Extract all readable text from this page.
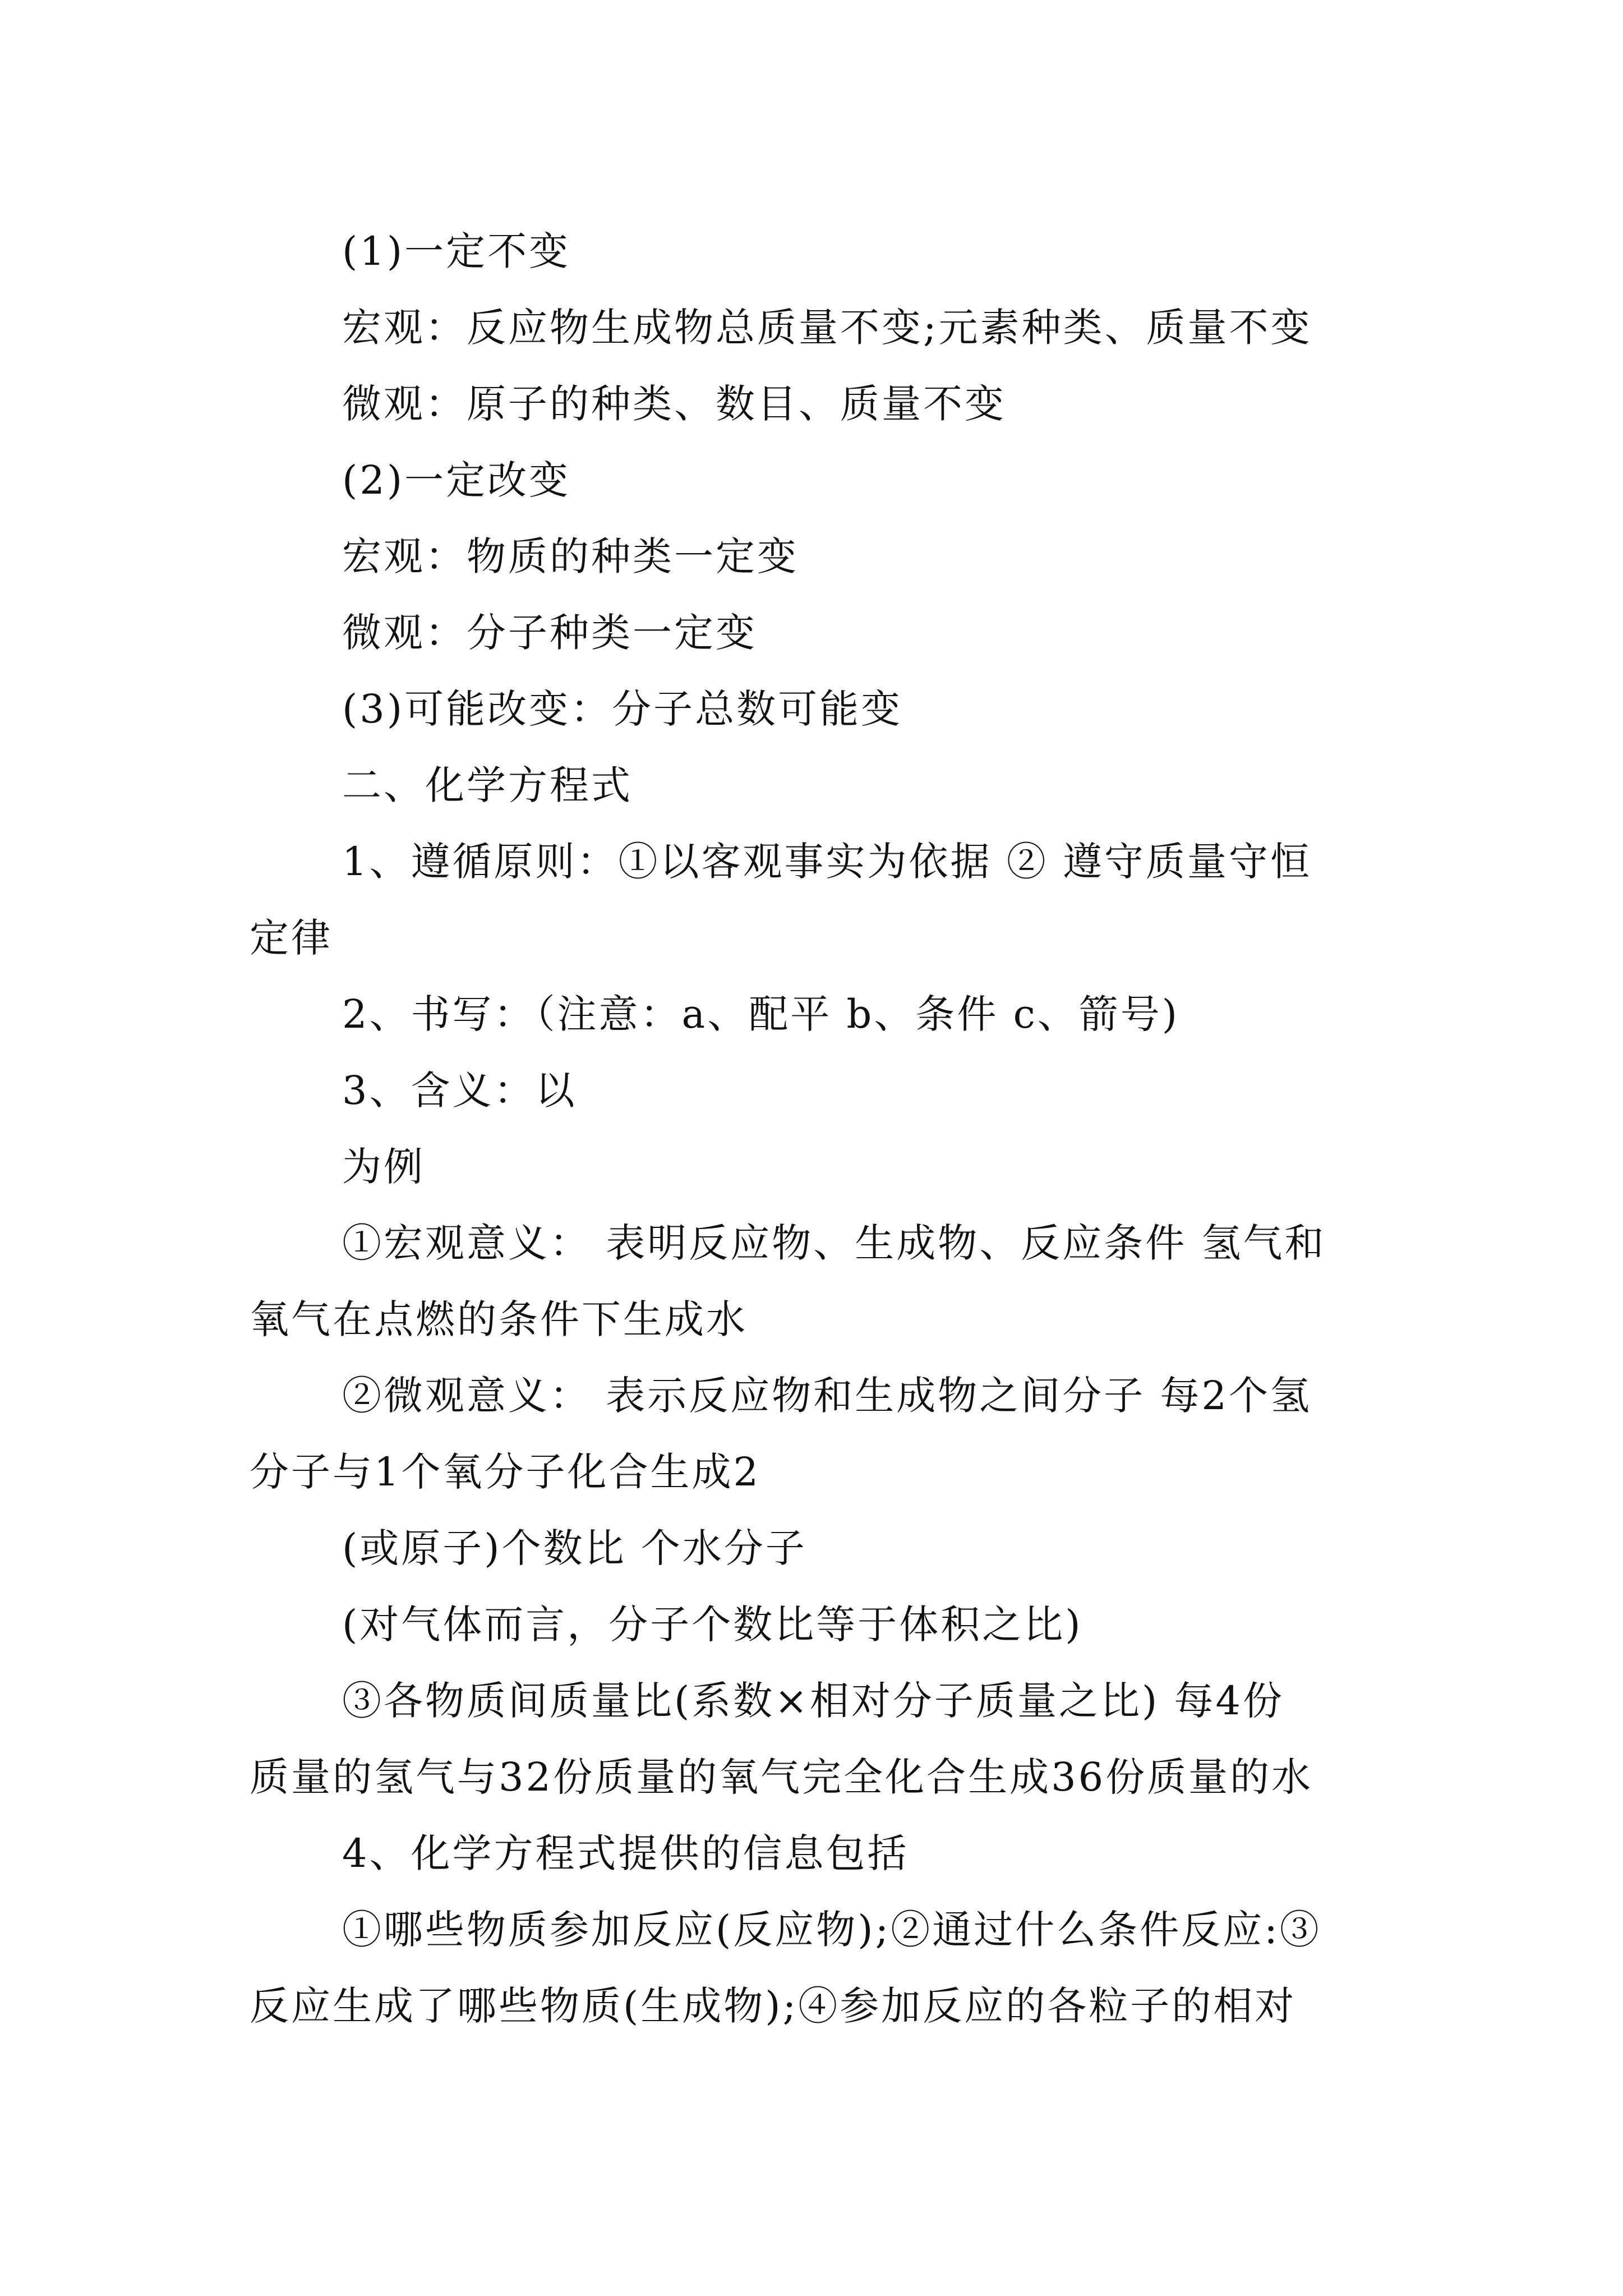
(1)一定不变
宏观：反应物生成物总质量不变;元素种类、质量不变
微观：原子的种类、数目、质量不变
(2)一定改变
宏观：物质的种类一定变
微观：分子种类一定变
(3)可能改变：分子总数可能变
二、化学方程式
1、遵循原则：①以客观事实为依据 ② 遵守质量守恒
定律
2、书写：（注意：a、配平 b、条件 c、箭号)
3、含义：以
为例
①宏观意义： 表明反应物、生成物、反应条件 氢气和
氧气在点燃的条件下生成水
②微观意义： 表示反应物和生成物之间分子 每2个氢
分子与1个氧分子化合生成2
(或原子)个数比 个水分子
(对气体而言，分子个数比等于体积之比)
③各物质间质量比(系数×相对分子质量之比) 每4份
质量的氢气与32份质量的氧气完全化合生成36份质量的水
4、化学方程式提供的信息包括
①哪些物质参加反应(反应物);②通过什么条件反应:③
反应生成了哪些物质(生成物);④参加反应的各粒子的相对
